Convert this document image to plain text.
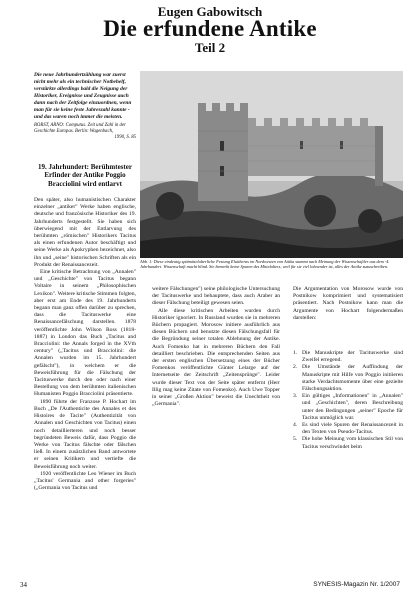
Eugen Gabowitsch
Die erfundene Antike
Teil 2

Die neue Jahrhundertzählung war zuerst nicht mehr als ein technischer Notbehelf, verstärkte allerdings bald die Neigung der Historiker, Ereignisse und Zeugnisse auch dann nach der Zeitfolge einzuordnen, wenn man für sie keine feste Jahreszahl kannte - und das waren noch immer die meisten.

BORST, ARNO: Computus. Zeit und Zahl in der Geschichte Europas. Berlin: Wagenbach,
1990, S. 85
19. Jahrhundert: Berühmtester Erfinder der Antike Poggio Bracciolini wird entlarvt

Den später, also humanistischen Charakter einzelner „antiker" Werke haben englische, deutsche und französische Historiker des 19. Jahrhunderts festgestellt. Sie haben sich überwiegend mit der Entlarvung des berühmten „römischen" Historikers Tacitus als einen erfundenen Autor beschäftigt und seine Werke als Apokryphen bezeichnet, also ihn und „seine" historischen Schriften als ein Produkt der Renaissancezeit.

Eine kritische Betrachtung von „Annalen" und „Geschichte" von Tacitus begann Voltaire in seinem „Philosophischen Lexikon". Weitere kritische Stimmen folgten, aber erst am Ende des 19. Jahrhunderts begann man ganz offen darüber zu sprechen, dass die Tacituswerke eine Renaissancefälschung darstellen. 1878 veröffentlichte John Wilson Ross (1818-1887) in London das Buch „Tacitus and Bracciolini: the Annals forged in the XVth century" („Tacitus und Bracciolini: die Annalen wurden im 15. Jahrhundert gefälscht"), in welchem er die Beweisführung für die Fälschung der Tacituswerke durch den oder nach einer Bestellung von dem berühmten italienischen Humanisten Poggio Bracciolini präsentierte.

1890 führte der Franzose P. Hochart im Buch „De l'Authenticite des Annales et des Histoires de Tacite" (Authentizität von Annalen und Geschichten von Tacitus) einen noch detaillierteren und noch besser begründeten Beweis dafür, dass Poggio die Werke von Tacitus fälschte oder fälschen ließ. In einem zusätzlichen Band antwortete er seinen Kritikern und vertiefte die Beweisführung noch weiter.

1920 veröffentlichte Leo Wiener im Buch „Tacitus' Germania and other forgeries" („Germania von Tacitus und

Abb. 1: Diese eindeutig spätmittelalterliche Festung Eluitheras im Nordwesten von Attika stammt nach Meinung der Wissenschaftler aus dem -4. Jahrhundert. Wissenschaft macht blind. Sie bemerkt keine Spuren des Mittelalters, weil für sie viel lohnender ist, alles der Antike zuzuschreiben.

weitere Fälschungen") seine philologische Untersuchung der Tacituswerke und behauptete, dass auch Araber an dieser Fälschung beteiligt gewesen seien.

Alle diese kritischen Arbeiten wurden durch Historiker ignoriert. In Russland wurden sie in mehreren Büchern propagiert. Morosow initiere ausführlich aus diesen Büchern und benutzte diesen Fälschungsfall für die Begründung seiner totalen Ablehnung der Antike. Auch Fomenko hat in mehreren Büchern den Fall detailliert beschrieben. Die entsprechenden Seiten aus der ersten englischen Übersetzung eines der Bücher Fomenkos veröffentlichte Günter Lelarge auf der Internetseite der Zeitschrift „Zeitensprünge". Leider wurde dieser Text von der Seite später entfernt (Herr Illig mag keine Zitate von Fomenko). Auch Uwe Topper in seiner „Großen Aktion" beweist die Unechtheit von „Germania".

Die Argumentation von Morosow wurde von Postnikow komprimiert und systematisiert präsentiert. Nach Postnikow kann man die Argumente von Hochart folgendermaßen darstellen:

1. Die Manuskripte der Tacituswerke sind Zweifel erregend.
2. Die Umstände der Auffindung der Manuskripte mit Hilfe von Poggio initiieren starke Verdachtsmomente über eine gezielte Fälschungsaktion.
3. Ein gültiges „Informationen" in „Annalen" und „Geschichten", deren Beschreibung unter den Bedingungen „seiner" Epoche für Tacitus unmöglich war.
4. Es sind viele Spuren der Renaissancezeit in den Texten von Pseudo-Tacitus.
5. Die hohe Meinung vom klassischen Stil von Tacitus verschwindet beim
34	SYNESIS-Magazin Nr. 1/2007
